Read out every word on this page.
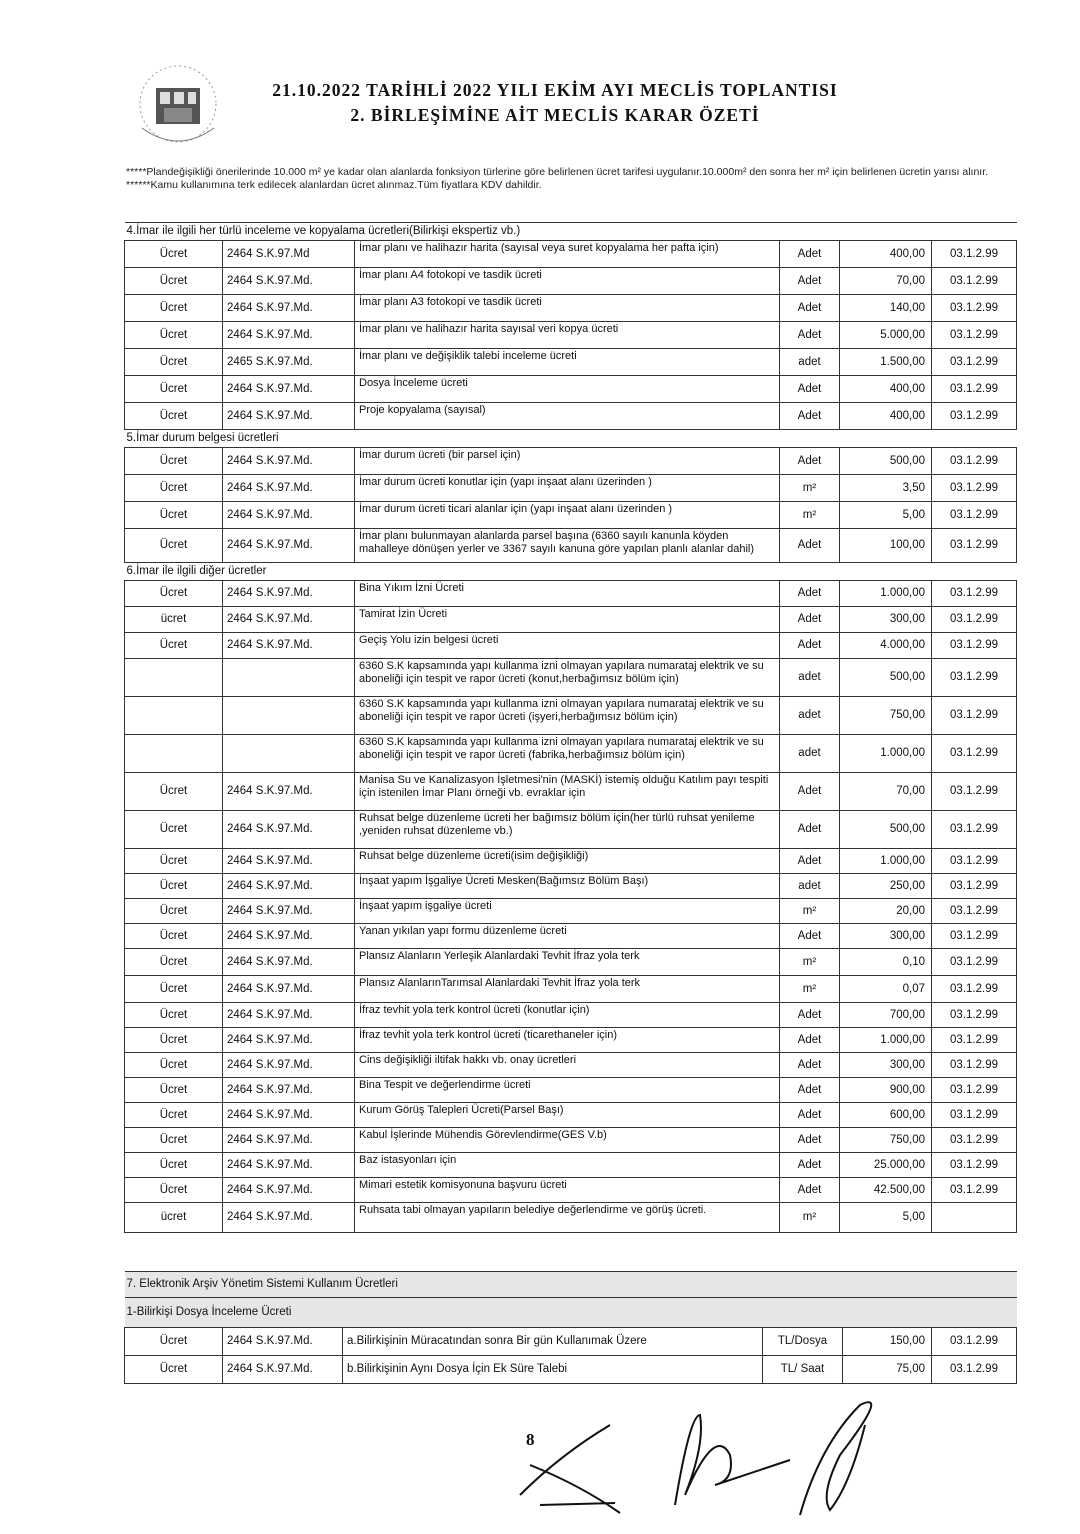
21.10.2022 TARİHLİ 2022 YILI EKİM AYI MECLİS TOPLANTISI
2. BİRLEŞİMİNE AİT MECLİS KARAR ÖZETİ
*****Plandeğişikliği önerilerinde 10.000 m² ye kadar olan alanlarda fonksiyon türlerine göre belirlenen ücret tarifesi uygulanır.10.000m² den sonra her m² için belirlenen ücretin yarısı alınır.
******Kamu kullanımına terk edilecek alanlardan ücret alınmaz.Tüm fiyatlara KDV dahildir.
4.İmar ile ilgili her türlü inceleme ve kopyalama ücretleri(Bilirkişi ekspertiz vb.)					
Ücret	2464 S.K.97.Md	İmar planı ve halihazır harita (sayısal veya suret kopyalama her pafta için)	Adet	400,00	03.1.2.99
Ücret	2464 S.K.97.Md.	İmar planı A4 fotokopi ve tasdik ücreti	Adet	70,00	03.1.2.99
Ücret	2464 S.K.97.Md.	İmar planı A3 fotokopi ve tasdik ücreti	Adet	140,00	03.1.2.99
Ücret	2464 S.K.97.Md.	İmar planı ve halihazır harita sayısal veri kopya ücreti	Adet	5.000,00	03.1.2.99
Ücret	2465 S.K.97.Md.	İmar planı ve değişiklik talebi inceleme ücreti	adet	1.500,00	03.1.2.99
Ücret	2464 S.K.97.Md.	Dosya İnceleme ücreti	Adet	400,00	03.1.2.99
Ücret	2464 S.K.97.Md.	Proje kopyalama (sayısal)	Adet	400,00	03.1.2.99
5.İmar durum belgesi ücretleri					
Ücret	2464 S.K.97.Md.	İmar durum ücreti (bir parsel için)	Adet	500,00	03.1.2.99
Ücret	2464 S.K.97.Md.	İmar durum ücreti konutlar için (yapı inşaat alanı üzerinden )	m²	3,50	03.1.2.99
Ücret	2464 S.K.97.Md.	İmar durum ücreti ticari alanlar için (yapı inşaat alanı üzerinden )	m²	5,00	03.1.2.99
Ücret	2464 S.K.97.Md.	İmar planı bulunmayan alanlarda parsel başına (6360 sayılı kanunla köyden mahalleye dönüşen yerler ve 3367 sayılı kanuna göre yapılan planlı alanlar dahil)	Adet	100,00	03.1.2.99
6.İmar ile ilgili diğer ücretler					
Ücret	2464 S.K.97.Md.	Bina Yıkım İzni Ücreti	Adet	1.000,00	03.1.2.99
ücret	2464 S.K.97.Md.	Tamirat İzin Ücreti	Adet	300,00	03.1.2.99
Ücret	2464 S.K.97.Md.	Geçiş Yolu izin belgesi ücreti	Adet	4.000,00	03.1.2.99
		6360 S.K kapsamında yapı kullanma izni olmayan yapılara numarataj elektrik ve su aboneliği için tespit ve rapor ücreti (konut,herbağımsız bölüm için)	adet	500,00	03.1.2.99
		6360 S.K kapsamında yapı kullanma izni olmayan yapılara numarataj elektrik ve su aboneliği için tespit ve rapor ücreti (işyeri,herbağımsız bölüm için)	adet	750,00	03.1.2.99
		6360 S.K kapsamında yapı kullanma izni olmayan yapılara numarataj elektrik ve su aboneliği için tespit ve rapor ücreti (fabrika,herbağımsız bölüm için)	adet	1.000,00	03.1.2.99
Ücret	2464 S.K.97.Md.	Manisa Su ve Kanalizasyon İşletmesi'nin (MASKİ) istemiş olduğu Katılım payı tespiti için istenilen İmar Planı örneği vb. evraklar için	Adet	70,00	03.1.2.99
Ücret	2464 S.K.97.Md.	Ruhsat belge düzenleme ücreti her bağımsız bölüm için(her türlü ruhsat yenileme ,yeniden ruhsat düzenleme vb.)	Adet	500,00	03.1.2.99
Ücret	2464 S.K.97.Md.	Ruhsat belge düzenleme ücreti(isim değişikliği)	Adet	1.000,00	03.1.2.99
Ücret	2464 S.K.97.Md.	İnşaat yapım İşgaliye Ücreti Mesken(Bağımsız Bölüm Başı)	adet	250,00	03.1.2.99
Ücret	2464 S.K.97.Md.	İnşaat yapım işgaliye ücreti	m²	20,00	03.1.2.99
Ücret	2464 S.K.97.Md.	Yanan yıkılan yapı formu düzenleme ücreti	Adet	300,00	03.1.2.99
Ücret	2464 S.K.97.Md.	Plansız Alanların Yerleşik Alanlardaki Tevhit İfraz yola terk	m²	0,10	03.1.2.99
Ücret	2464 S.K.97.Md.	Plansız AlanlarınTarımsal Alanlardaki Tevhit İfraz yola terk	m²	0,07	03.1.2.99
Ücret	2464 S.K.97.Md.	İfraz tevhit yola terk kontrol ücreti (konutlar için)	Adet	700,00	03.1.2.99
Ücret	2464 S.K.97.Md.	İfraz tevhit yola terk kontrol ücreti (ticarethaneler için)	Adet	1.000,00	03.1.2.99
Ücret	2464 S.K.97.Md.	Cins değişikliği iltifak hakkı vb. onay ücretleri	Adet	300,00	03.1.2.99
Ücret	2464 S.K.97.Md.	Bina Tespit ve değerlendirme ücreti	Adet	900,00	03.1.2.99
Ücret	2464 S.K.97.Md.	Kurum Görüş Talepleri Ücreti(Parsel Başı)	Adet	600,00	03.1.2.99
Ücret	2464 S.K.97.Md.	Kabul İşlerinde Mühendis Görevlendirme(GES V.b)	Adet	750,00	03.1.2.99
Ücret	2464 S.K.97.Md.	Baz istasyonları için	Adet	25.000,00	03.1.2.99
Ücret	2464 S.K.97.Md.	Mimari estetik komisyonuna başvuru ücreti	Adet	42.500,00	03.1.2.99
ücret	2464 S.K.97.Md.	Ruhsata tabi olmayan yapıların belediye değerlendirme ve görüş ücreti.	m²	5,00	
7. Elektronik Arşiv Yönetim Sistemi Kullanım Ücretleri					
1-Bilirkişi Dosya İnceleme Ücreti					
Ücret	2464 S.K.97.Md.	a.Bilirkişinin Müracatından sonra Bir gün Kullanımak Üzere	TL/Dosya	150,00	03.1.2.99
Ücret	2464 S.K.97.Md.	b.Bilirkişinin Aynı Dosya İçin Ek Süre Talebi	TL/ Saat	75,00	03.1.2.99
8
